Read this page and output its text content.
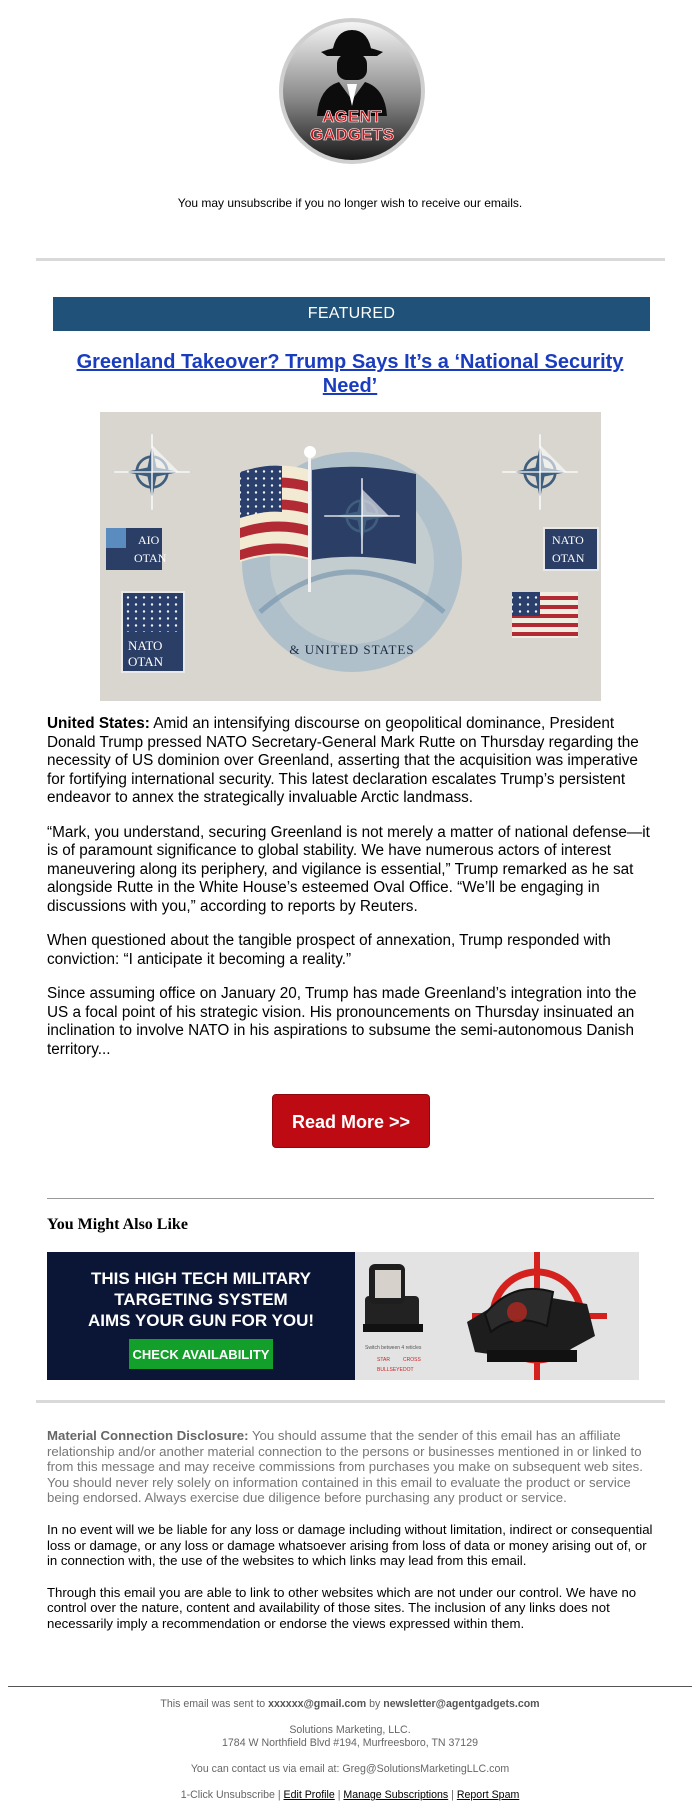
AGENT
GADGETS
You may unsubscribe if you no longer wish to receive our emails.
FEATURED
Greenland Takeover? Trump Says It’s a ‘National Security Need’
AIO
OTAN
NATO
OTAN
NATO
OTAN
& UNITED STATES

United States: Amid an intensifying discourse on geopolitical dominance, President Donald Trump pressed NATO Secretary-General Mark Rutte on Thursday regarding the necessity of US dominion over Greenland, asserting that the acquisition was imperative for fortifying international security. This latest declaration escalates Trump’s persistent endeavor to annex the strategically invaluable Arctic landmass.

“Mark, you understand, securing Greenland is not merely a matter of national defense—it is of paramount significance to global stability. We have numerous actors of interest maneuvering along its periphery, and vigilance is essential,” Trump remarked as he sat alongside Rutte in the White House’s esteemed Oval Office. “We’ll be engaging in discussions with you,” according to reports by Reuters.

When questioned about the tangible prospect of annexation, Trump responded with conviction: “I anticipate it becoming a reality.”

Since assuming office on January 20, Trump has made Greenland’s integration into the US a focal point of his strategic vision. His pronouncements on Thursday insinuated an inclination to involve NATO in his aspirations to subsume the semi-autonomous Danish territory...

Read More >>
You Might Also Like
THIS HIGH TECH MILITARY
TARGETING SYSTEM
AIMS YOUR GUN FOR YOU!
CHECK AVAILABILITY	Switch between 4 reticles
STAR	CROSS
BULLSEYE DOT

Material Connection Disclosure: You should assume that the sender of this email has an affiliate relationship and/or another material connection to the persons or businesses mentioned in or linked to from this message and may receive commissions from purchases you make on subsequent web sites. You should never rely solely on information contained in this email to evaluate the product or service being endorsed. Always exercise due diligence before purchasing any product or service.

In no event will we be liable for any loss or damage including without limitation, indirect or consequential loss or damage, or any loss or damage whatsoever arising from loss of data or money arising out of, or in connection with, the use of the websites to which links may lead from this email.

Through this email you are able to link to other websites which are not under our control. We have no control over the nature, content and availability of those sites. The inclusion of any links does not necessarily imply a recommendation or endorse the views expressed within them.

This email was sent to xxxxxx@gmail.com by newsletter@agentgadgets.com
Solutions Marketing, LLC.
1784 W Northfield Blvd #194, Murfreesboro, TN 37129
You can contact us via email at: Greg@SolutionsMarketingLLC.com
1-Click Unsubscribe | Edit Profile | Manage Subscriptions | Report Spam
